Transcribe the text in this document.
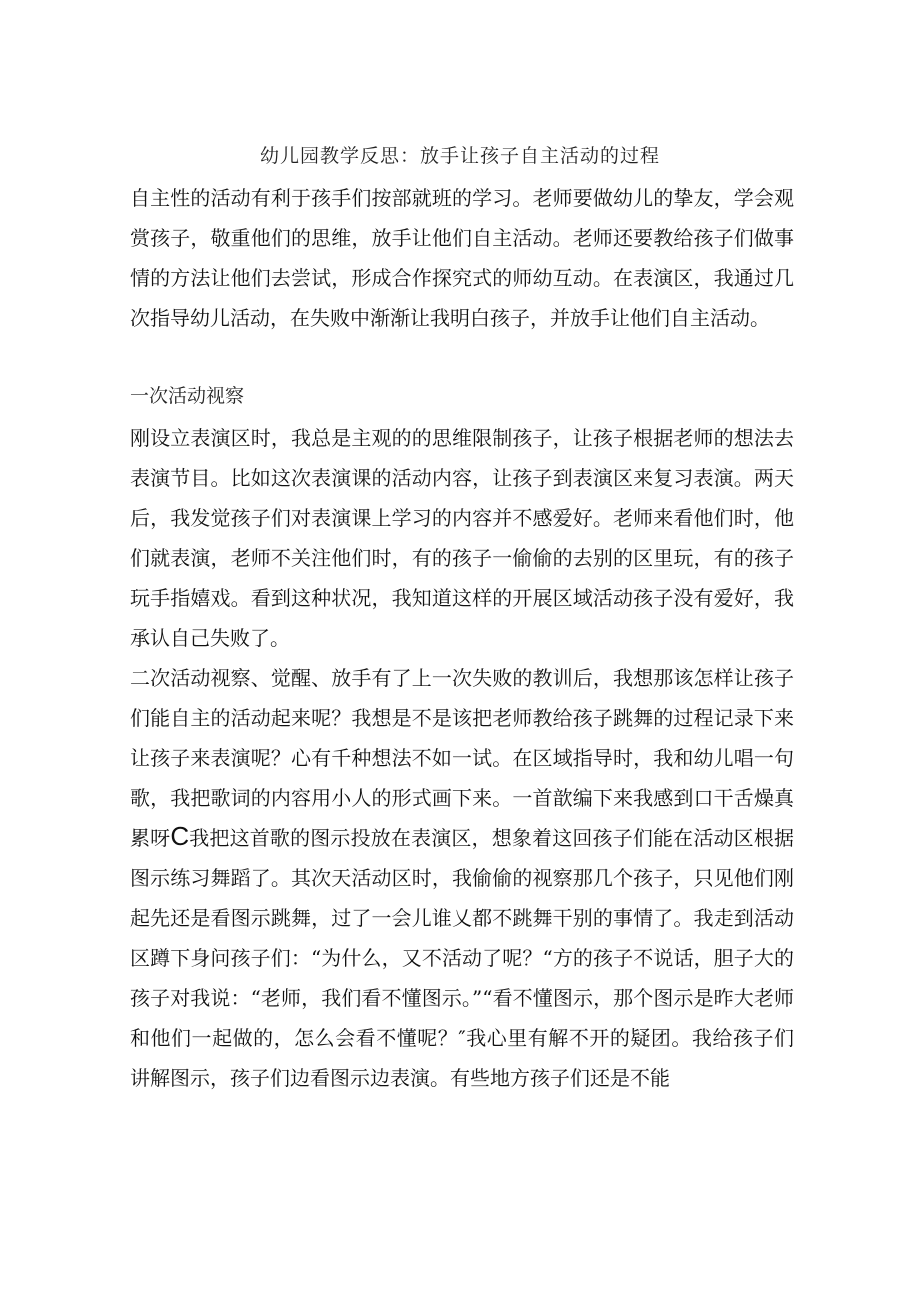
幼儿园教学反思：放手让孩子自主活动的过程
自主性的活动有利于孩手们按部就班的学习。老师要做幼儿的挚友，学会观赏孩子，敬重他们的思维，放手让他们自主活动。老师还要教给孩子们做事情的方法让他们去尝试，形成合作探究式的师幼互动。在表演区，我通过几次指导幼儿活动，在失败中渐渐让我明白孩子，并放手让他们自主活动。
一次活动视察
刚设立表演区时，我总是主观的的思维限制孩子，让孩子根据老师的想法去表演节目。比如这次表演课的活动内容，让孩子到表演区来复习表演。两天后，我发觉孩子们对表演课上学习的内容并不感爱好。老师来看他们时，他们就表演，老师不关注他们时，有的孩子一偷偷的去别的区里玩，有的孩子玩手指嬉戏。看到这种状况，我知道这样的开展区域活动孩子没有爱好，我承认自己失败了。
二次活动视察、觉醒、放手有了上一次失败的教训后，我想那该怎样让孩子们能自主的活动起来呢？我想是不是该把老师教给孩子跳舞的过程记录下来让孩子来表演呢？心有千种想法不如一试。在区域指导时，我和幼儿唱一句歌，我把歌词的内容用小人的形式画下来。一首歆编下来我感到口干舌燥真累呀C我把这首歌的图示投放在表演区，想象着这回孩子们能在活动区根据图示练习舞蹈了。其次天活动区时，我偷偷的视察那几个孩子，只见他们刚起先还是看图示跳舞，过了一会儿谁乂都不跳舞干别的事情了。我走到活动区蹲下身问孩子们：“为什么，又不活动了呢？“方的孩子不说话，胆子大的孩子对我说：“老师，我们看不懂图示。”“看不懂图示，那个图示是昨大老师和他们一起做的，怎么会看不懂呢？″我心里有解不开的疑团。我给孩子们讲解图示，孩子们边看图示边表演。有些地方孩子们还是不能
